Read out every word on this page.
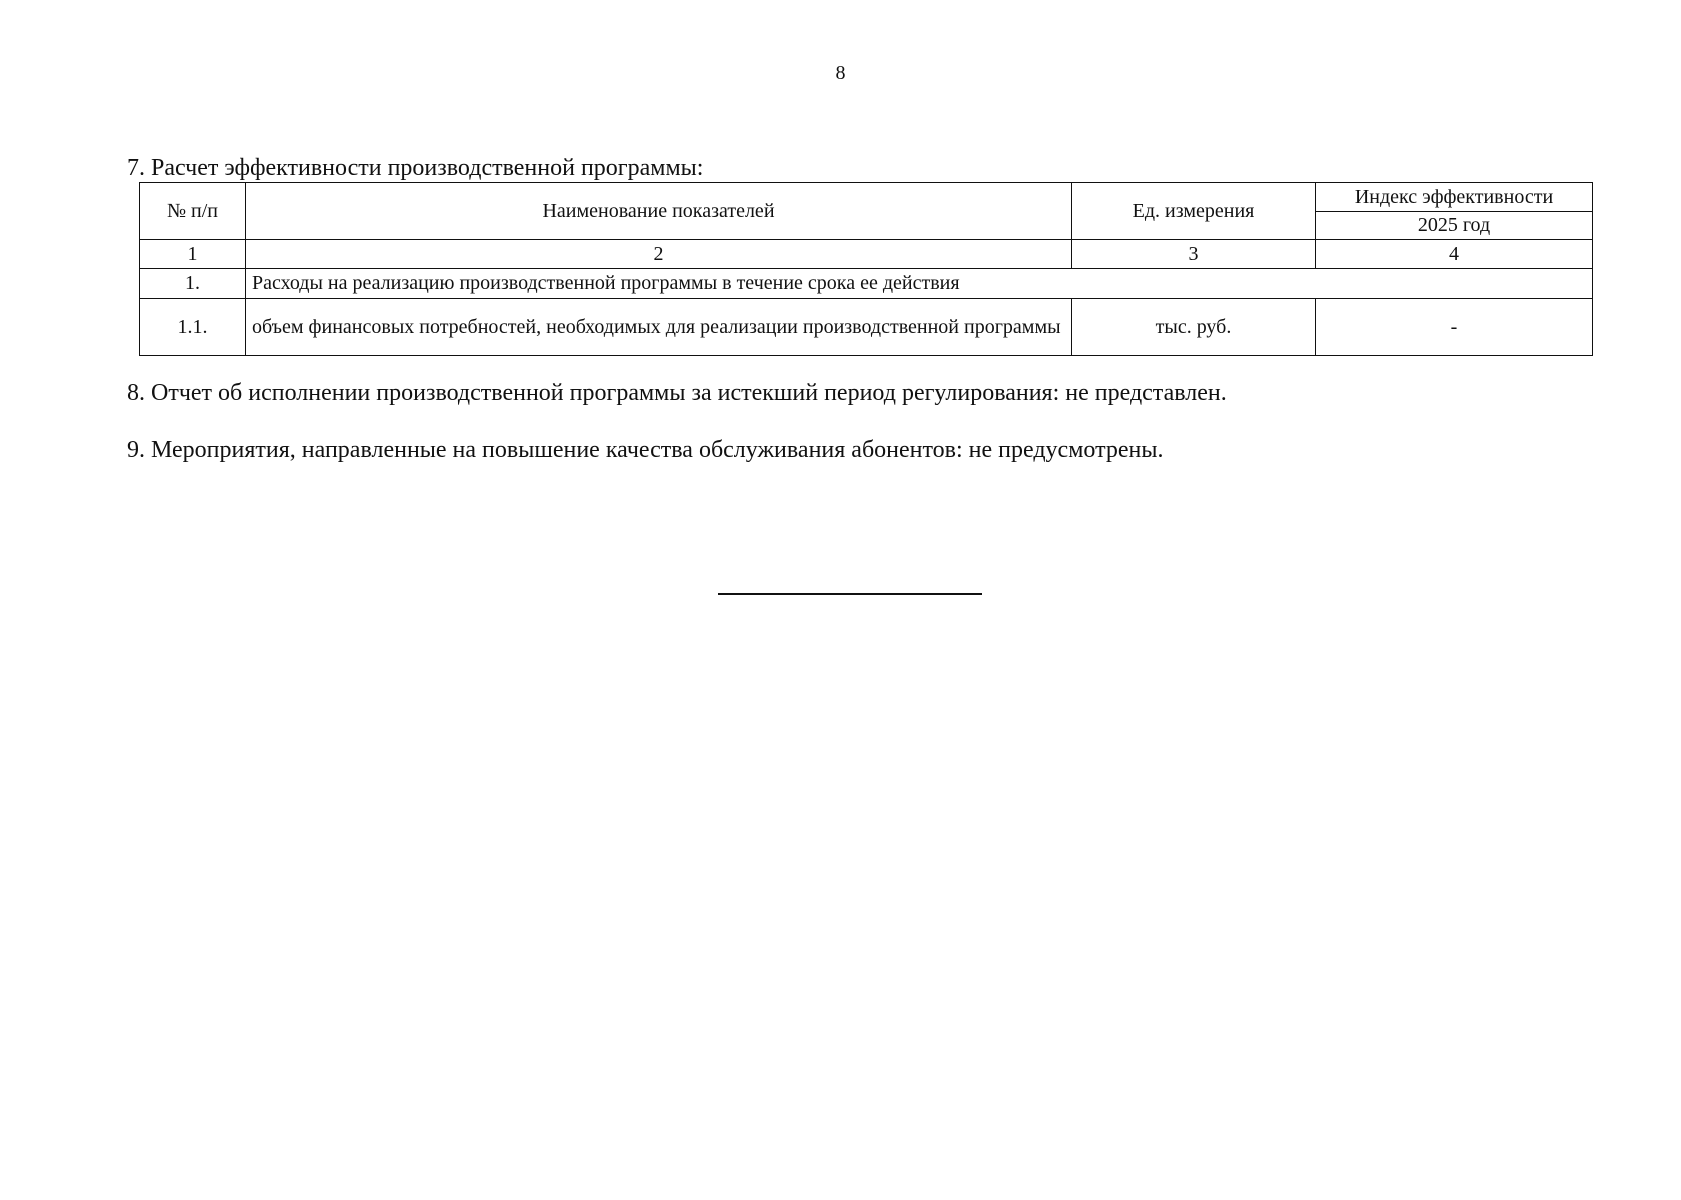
8
7. Расчет эффективности производственной программы:
№ п/п	Наименование показателей	Ед. измерения	Индекс эффективности
			2025 год
1	2	3	4
1.	Расходы на реализацию производственной программы в течение срока ее действия		
1.1.	объем финансовых потребностей, необходимых для реализации производственной программы	тыс. руб.	-
8. Отчет об исполнении производственной программы за истекший период регулирования: не представлен.
9. Мероприятия, направленные на повышение качества обслуживания абонентов: не предусмотрены.
